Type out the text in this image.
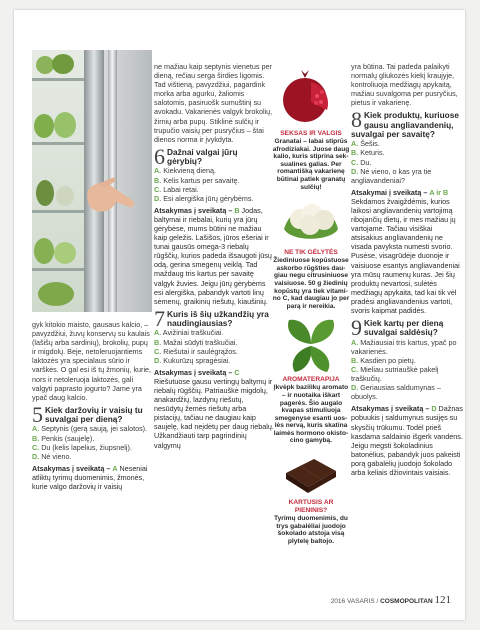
gyk kitokio maisto, gausaus kalcio, – pavyzdžiui, žuvų konservų su kaulais (lašišų arba sardinių), brokolių, pupų ir migdolų. Beje, netoleruojantiems laktozės yra specialaus sūrio ir varškės. O gal esi iš tų žmonių, kurie, nors ir netoleruoja laktozės, gali valgyti paprasto jogurto? Jame yra ypač daug kalcio.

5 Kiek daržovių ir vaisių tu suvalgai per dieną?
A. Septynis (gerą saują, jei salotos).
B. Penkis (saujelę).
C. Du (kelis lapelius, žiupsnelį).
D. Nė vieno.
Atsakymas į sveikatą – A Neseniai atliktų tyrimų duomenimis, žmonės, kurie valgo daržovių ir vaisių

ne mažiau kaip septynis vienetus per dieną, rečiau serga širdies ligomis. Tad vištieną, pavyzdžiui, pagardink morka arba agurku, žaliomis salotomis, pasiruošk sumuštinį su avokadu. Vakarienės valgyk brokolių, žirnių arba pupų. Stiklinė sulčių ir trupučio vaisių per pusryčius – štai dienos norma ir įvykdyta.

6 Dažnai valgai jūrų gėrybių?
A. Kiekvieną dieną.
B. Kelis kartus per savaitę.
C. Labai retai.
D. Esi alergiška jūrų gėrybėms.
Atsakymas į sveikatą – B Jodas, baltymai ir riebalai, kurių yra jūrų gėrybėse, mums būtini ne mažiau kaip geležis. Lašišos, jūros ešeriai ir tunai gausūs omega-3 riebalų rūgščių, kurios padeda išsaugoti jūsų odą, gerina smegenų veiklą. Tad maždaug tris kartus per savaitę valgyk žuvies. Jeigu jūrų gėrybėms esi alergiška, pabandyk vartoti linų sėmenų, graikinių riešutų, kiaušinių.
7 Kuris iš šių užkandžių yra naudingiausias?
A. Avižiniai traškučiai.
B. Mažai sūdyti traškučiai.
C. Riešutai ir saulėgrąžos.
D. Kukurūzų spragėsiai.
Atsakymas į sveikatą – C Riešutuose gausu vertingų baltymų ir riebalų rūgščių. Patriauškė migdolų, anakardžių, lazdynų riešutų, nesūdytų žemės riešutų arba pistacijų, tačiau ne daugiau kaip saujelę, kad neįdėtų per daug riebalų. Užkandžiauti tarp pagrindinių valgymų
SEKSAS IR VALGIS
Granatai – labai stiprūs afrodiziakai. Juose daug kalio, kuris stiprina seksualines galias. Per romantišką vakarienę būtinai patiek granatų sulčių!
NE TIK GĖLYTĖS
Žiediniuose kopūstuose askorbo rūgšties daugiau negu citrusiniuose vaisiuose. 50 g žiedinių kopūstų yra tiek vitamino C, kad daugiau jo per parą ir nereikia.
AROMATERAPIJA
Įkvėpk bazilikų aromato – ir nuotaika iškart pagerės. Šio augalo kvapas stimuliuoja smegenyse esanti uoslės nervą, kuris skatina laimės hormono okistocino gamybą.
KARTUSIS AR PIENINIS?
Tyrimų duomenimis, du trys gabalėliai juodojo šokolado atstoja visą plytelę baltojo.

yra būtina. Tai padeda palaikyti normalų gliukozės kiekį kraujyje, kontroliuoja medžiagų apykaitą, mažiau suvalgoma per pusryčius, pietus ir vakarienę.

8 Kiek produktų, kuriuose gausu angliavandenių, suvalgai per savaitę?
A. Šešis.
B. Keturis.
C. Du.
D. Nė vieno, o kas yra tie angliavandeniai?
Atsakymai į sveikatą – A ir B Sekdamos žvaigždėmis, kurios laikosi angliavandenių vartojimą ribojančių dietų, ir mes mažiau jų vartojame. Tačiau visiškai atsisakius angliavandenių ne visada pavyksta numesti svorio. Pusėse, visagrūdėje duonoje ir vaisiuose esantys angliavandeniai yra mūsų raumenų kuras. Jei šių produktų nevartosi, sulėtės medžiagų apykaita, tad kai tik vėl pradėsi angliavandenius vartoti, svoris kaipmat padidės.
9 Kiek kartų per dieną suvalgai saldėsių?
A. Mažiausiai tris kartus, ypač po vakarienės.
B. Kasdien po pietų.
C. Mieliau sutriauškė pakelį traškučių.
D. Geriausias saldumynas – obuolys.
Atsakymas į sveikatą – D Dažnas pobuukis į saldumynus susijęs su skysčių trūkumu. Todėl prieš kasdama saldainio išgerk vandens. Jeigu megsti šokoladinius batonėlius, pabandyk juos pakeisti porą gabalėlių juodojo šokolado arba keliais džiovintais vaisiais.
2016 VASARIS / COSMOPOLITAN 121
